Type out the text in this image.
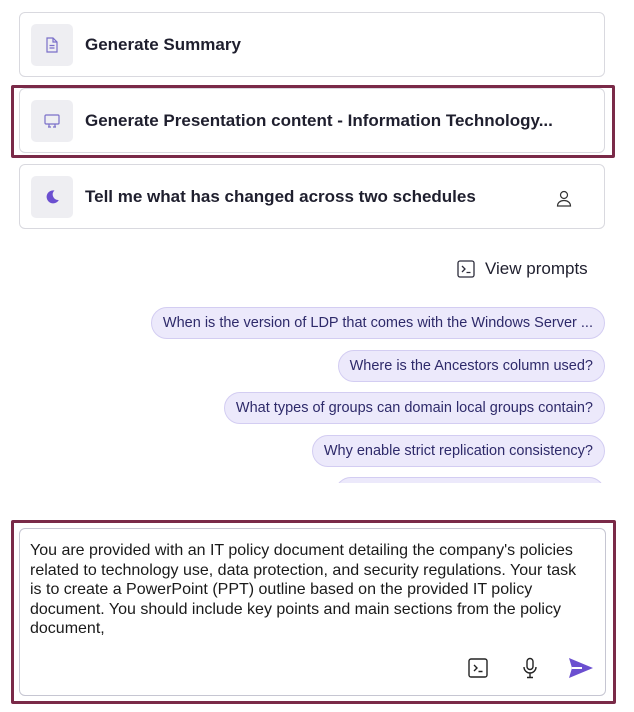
Generate Summary
Generate Presentation content - Information Technology...
Tell me what has changed across two schedules
View prompts
When is the version of LDP that comes with the Windows Server ...
Where is the Ancestors column used?
What types of groups can domain local groups contain?
Why enable strict replication consistency?
You are provided with an IT policy document detailing the company's policies related to technology use, data protection, and security regulations. Your task is to create a PowerPoint (PPT) outline based on the provided IT policy document. You should include key points and main sections from the policy document,
